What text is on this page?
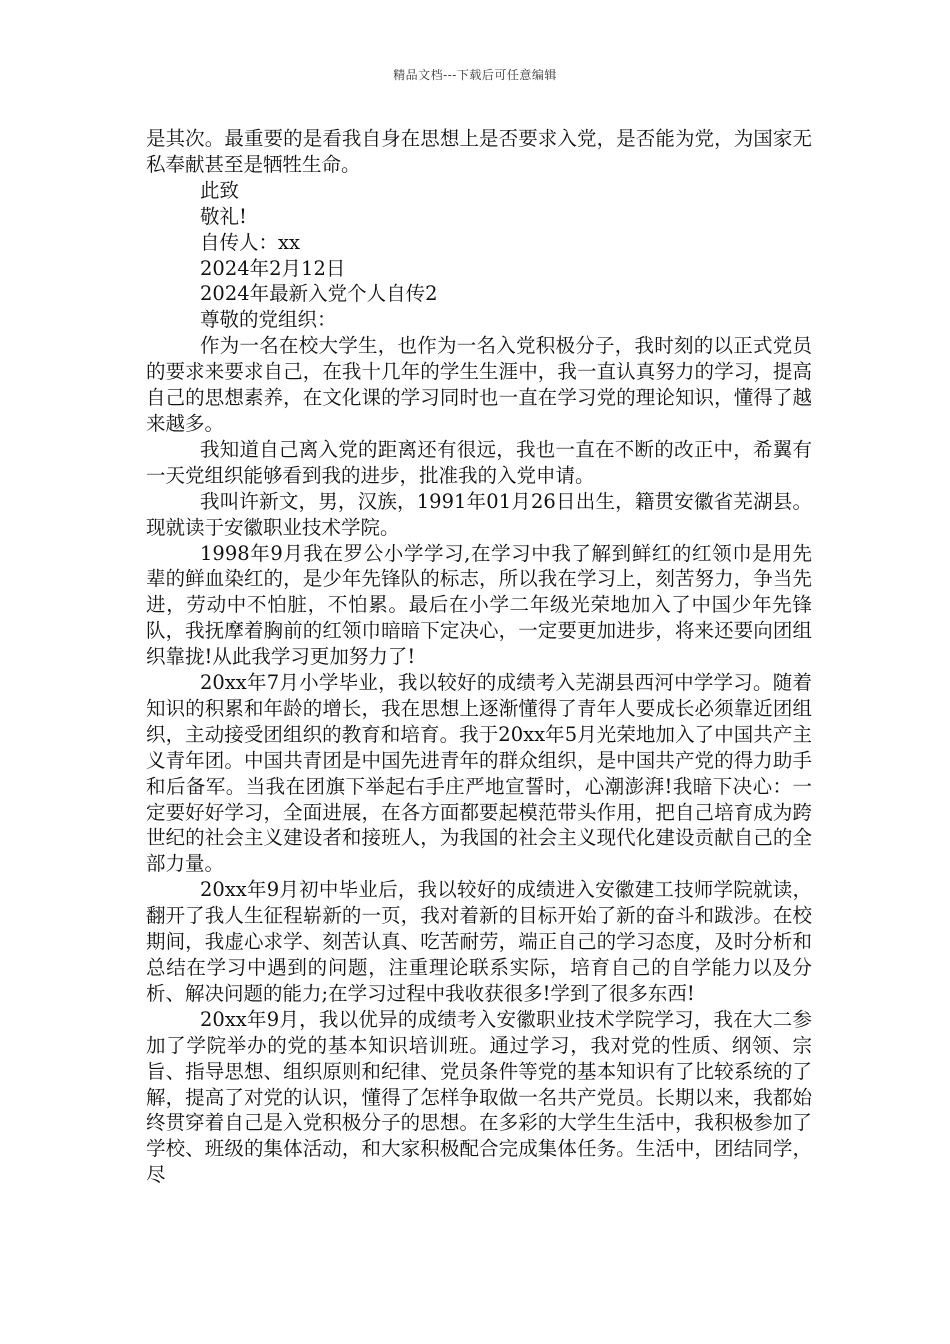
精品文档---下载后可任意编辑

是其次。最重要的是看我自身在思想上是否要求入党，是否能为党，为国家无私奉献甚至是牺牲生命。

此致

敬礼!

自传人：xx

2024年2月12日

2024年最新入党个人自传2

尊敬的党组织：

作为一名在校大学生，也作为一名入党积极分子，我时刻的以正式党员的要求来要求自己，在我十几年的学生生涯中，我一直认真努力的学习，提高自己的思想素养，在文化课的学习同时也一直在学习党的理论知识，懂得了越来越多。

我知道自己离入党的距离还有很远，我也一直在不断的改正中，希翼有一天党组织能够看到我的进步，批准我的入党申请。

我叫许新文，男，汉族，1991年01月26日出生，籍贯安徽省芜湖县。现就读于安徽职业技术学院。

1998年9月我在罗公小学学习,在学习中我了解到鲜红的红领巾是用先辈的鲜血染红的，是少年先锋队的标志，所以我在学习上，刻苦努力，争当先进，劳动中不怕脏，不怕累。最后在小学二年级光荣地加入了中国少年先锋队，我抚摩着胸前的红领巾暗暗下定决心，一定要更加进步，将来还要向团组织靠拢!从此我学习更加努力了!

20xx年7月小学毕业，我以较好的成绩考入芜湖县西河中学学习。随着知识的积累和年龄的增长，我在思想上逐渐懂得了青年人要成长必须靠近团组织，主动接受团组织的教育和培育。我于20xx年5月光荣地加入了中国共产主义青年团。中国共青团是中国先进青年的群众组织，是中国共产党的得力助手和后备军。当我在团旗下举起右手庄严地宣誓时，心潮澎湃!我暗下决心：一定要好好学习，全面进展，在各方面都要起模范带头作用，把自己培育成为跨世纪的社会主义建设者和接班人，为我国的社会主义现代化建设贡献自己的全部力量。

20xx年9月初中毕业后，我以较好的成绩进入安徽建工技师学院就读，翻开了我人生征程崭新的一页，我对着新的目标开始了新的奋斗和跋涉。在校期间，我虚心求学、刻苦认真、吃苦耐劳，端正自己的学习态度，及时分析和总结在学习中遇到的问题，注重理论联系实际，培育自己的自学能力以及分析、解决问题的能力;在学习过程中我收获很多!学到了很多东西!

20xx年9月，我以优异的成绩考入安徽职业技术学院学习，我在大二参加了学院举办的党的基本知识培训班。通过学习，我对党的性质、纲领、宗旨、指导思想、组织原则和纪律、党员条件等党的基本知识有了比较系统的了解，提高了对党的认识，懂得了怎样争取做一名共产党员。长期以来，我都始终贯穿着自己是入党积极分子的思想。在多彩的大学生生活中，我积极参加了学校、班级的集体活动，和大家积极配合完成集体任务。生活中，团结同学，尽
